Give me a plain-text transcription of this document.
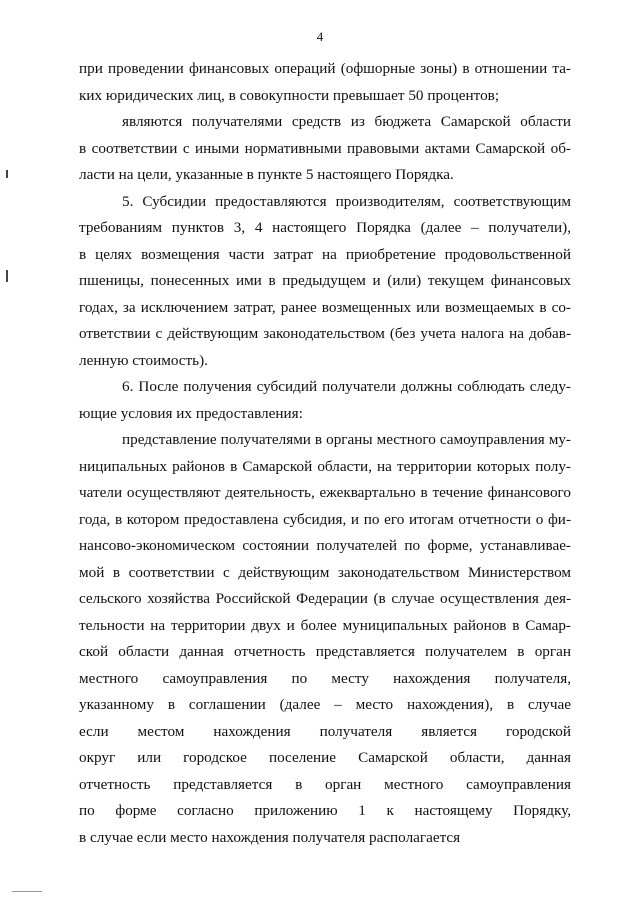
4

при проведении финансовых операций (офшорные зоны) в отношении та-
ких юридических лиц, в совокупности превышает 50 процентов;

являются получателями средств из бюджета Самарской области
в соответствии с иными нормативными правовыми актами Самарской об-
ласти на цели, указанные в пункте 5 настоящего Порядка.

5. Субсидии предоставляются производителям, соответствующим
требованиям пунктов 3, 4 настоящего Порядка (далее – получатели),
в целях возмещения части затрат на приобретение продовольственной
пшеницы, понесенных ими в предыдущем и (или) текущем финансовых
годах, за исключением затрат, ранее возмещенных или возмещаемых в со-
ответствии с действующим законодательством (без учета налога на добав-
ленную стоимость).

6. После получения субсидий получатели должны соблюдать следу-
ющие условия их предоставления:

представление получателями в органы местного самоуправления му-
ниципальных районов в Самарской области, на территории которых полу-
чатели осуществляют деятельность, ежеквартально в течение финансового
года, в котором предоставлена субсидия, и по его итогам отчетности о фи-
нансово-экономическом состоянии получателей по форме, устанавливае-
мой в соответствии с действующим законодательством Министерством
сельского хозяйства Российской Федерации (в случае осуществления дея-
тельности на территории двух и более муниципальных районов в Самар-
ской области данная отчетность представляется получателем в орган
местного самоуправления по месту нахождения получателя,
указанному в соглашении (далее – место нахождения), в случае
если местом нахождения получателя является городской
округ или городское поселение Самарской области, данная
отчетность представляется в орган местного самоуправления
по форме согласно приложению 1 к настоящему Порядку,
в случае если место нахождения получателя располагается
